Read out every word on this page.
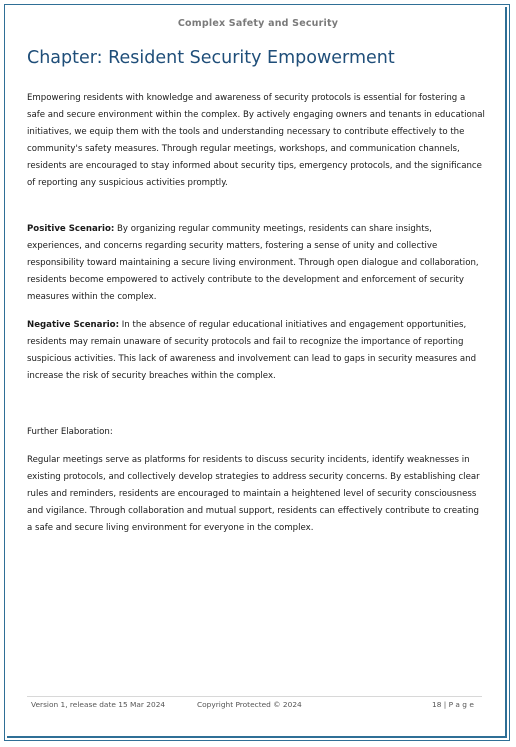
Complex Safety and Security
Chapter: Resident Security Empowerment
Empowering residents with knowledge and awareness of security protocols is essential for fostering a safe and secure environment within the complex. By actively engaging owners and tenants in educational initiatives, we equip them with the tools and understanding necessary to contribute effectively to the community's safety measures. Through regular meetings, workshops, and communication channels, residents are encouraged to stay informed about security tips, emergency protocols, and the significance of reporting any suspicious activities promptly.
Positive Scenario: By organizing regular community meetings, residents can share insights, experiences, and concerns regarding security matters, fostering a sense of unity and collective responsibility toward maintaining a secure living environment. Through open dialogue and collaboration, residents become empowered to actively contribute to the development and enforcement of security measures within the complex.
Negative Scenario: In the absence of regular educational initiatives and engagement opportunities, residents may remain unaware of security protocols and fail to recognize the importance of reporting suspicious activities. This lack of awareness and involvement can lead to gaps in security measures and increase the risk of security breaches within the complex.
Further Elaboration:
Regular meetings serve as platforms for residents to discuss security incidents, identify weaknesses in existing protocols, and collectively develop strategies to address security concerns. By establishing clear rules and reminders, residents are encouraged to maintain a heightened level of security consciousness and vigilance. Through collaboration and mutual support, residents can effectively contribute to creating a safe and secure living environment for everyone in the complex.
Version 1, release date 15 Mar 2024	Copyright Protected © 2024	18 | P a g e
